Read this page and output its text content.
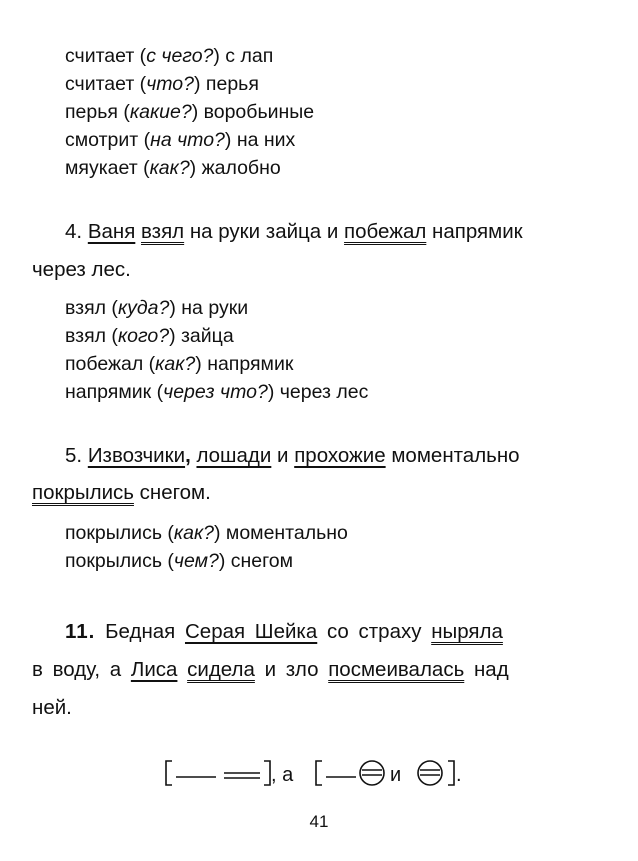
считает (с чего?) с лап
считает (что?) перья
перья (какие?) воробьиные
смотрит (на что?) на них
мяукает (как?) жалобно
4. Ваня взял на руки зайца и побежал напрямик
через лес.
взял (куда?) на руки
взял (кого?) зайца
побежал (как?) напрямик
напрямик (через что?) через лес
5. Извозчики, лошади и прохожие моментально
покрылись снегом.
покрылись (как?) моментально
покрылись (чем?) снегом
11. Бедная Серая Шейка со страху ныряла
в воду, а Лиса сидела и зло посмеивалась над
ней.
, а	и	.
41
